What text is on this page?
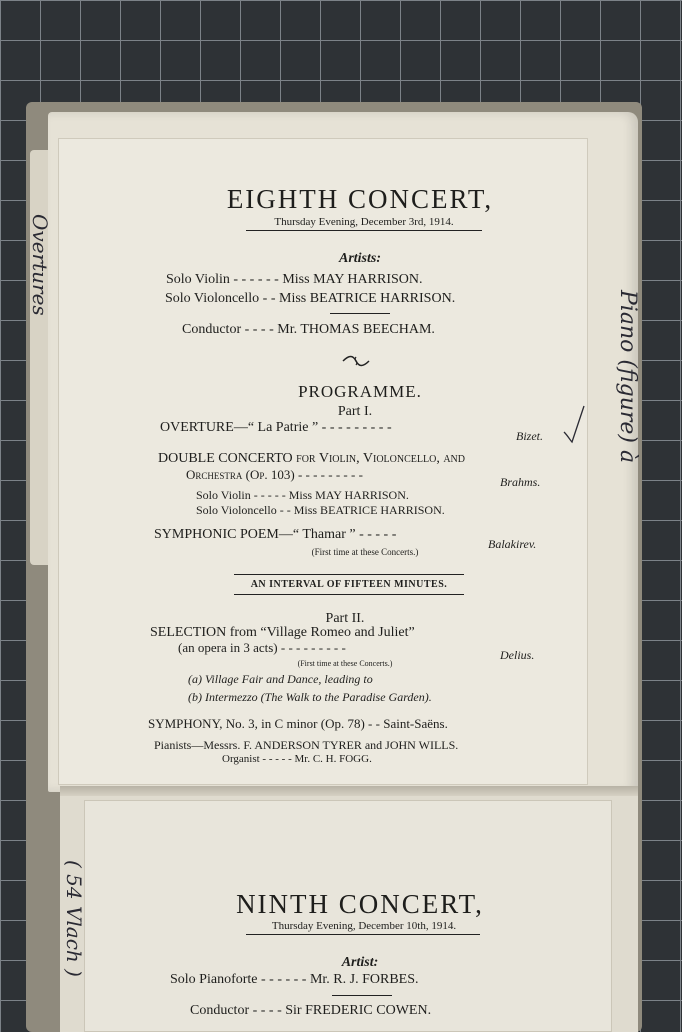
EIGHTH CONCERT,
Thursday Evening, December 3rd, 1914.
Artists:
Solo Violin - - - - - - Miss MAY HARRISON.
Solo Violoncello - - Miss BEATRICE HARRISON.
Conductor - - - - Mr. THOMAS BEECHAM.
PROGRAMME.
Part I.
OVERTURE—“ La Patrie ” - - - - - - - - -
Bizet.
DOUBLE CONCERTO for Violin, Violoncello, and
Orchestra (Op. 103) - - - - - - - - -	Brahms.
Solo Violin - - - - - Miss MAY HARRISON.
Solo Violoncello - - Miss BEATRICE HARRISON.
SYMPHONIC POEM—“ Thamar ” - - - - -
Balakirev.
(First time at these Concerts.)
AN INTERVAL OF FIFTEEN MINUTES.
Part II.
SELECTION from “Village Romeo and Juliet”
(an opera in 3 acts) - - - - - - - - -	Delius.
(First time at these Concerts.)
(a) Village Fair and Dance, leading to
(b) Intermezzo (The Walk to the Paradise Garden).
SYMPHONY, No. 3, in C minor (Op. 78) - - Saint-Saëns.
Pianists—Messrs. F. ANDERSON TYRER and JOHN WILLS.
Organist - - - - - Mr. C. H. FOGG.
NINTH CONCERT,
Thursday Evening, December 10th, 1914.
Artist:
Solo Pianoforte - - - - - - Mr. R. J. FORBES.
Conductor - - - - Sir FREDERIC COWEN.
Piano (figure) à
Overtures
( 54 Vlach )
